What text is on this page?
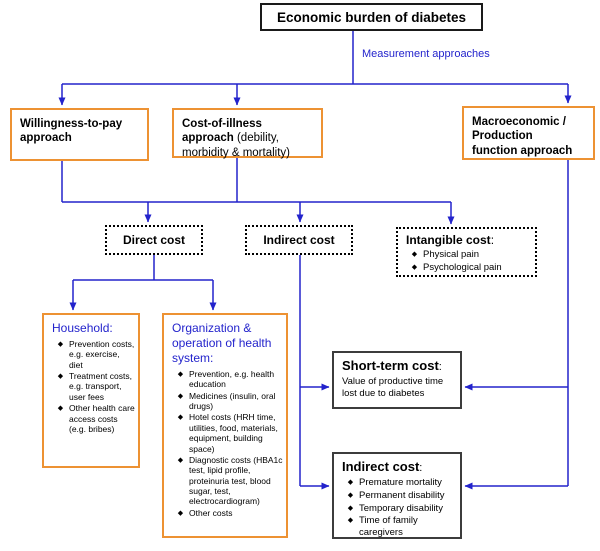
Economic burden of diabetes
Measurement approaches
Willingness-to-pay approach
Cost-of-illness
approach (debility,
morbidity & mortality)
Macroeconomic /
Production
function approach
Direct cost	Indirect cost	Intangible cost:
◆ Physical pain
◆ Psychological pain
Household:
◆ Prevention costs, e.g. exercise, diet
◆ Treatment costs, e.g. transport, user fees
◆ Other health care access costs (e.g. bribes)
Organization & operation of health system:
◆ Prevention, e.g. health education
◆ Medicines (insulin, oral drugs)
◆ Hotel costs (HRH time, utilities, food, materials, equipment, building space)
◆ Diagnostic costs (HBA1c test, lipid profile, proteinuria test, blood sugar, test, electrocardiogram)
◆ Other costs
Short-term cost:
Value of productive time lost due to diabetes
Indirect cost:
◆ Premature mortality
◆ Permanent disability
◆ Temporary disability
◆ Time of family caregivers
